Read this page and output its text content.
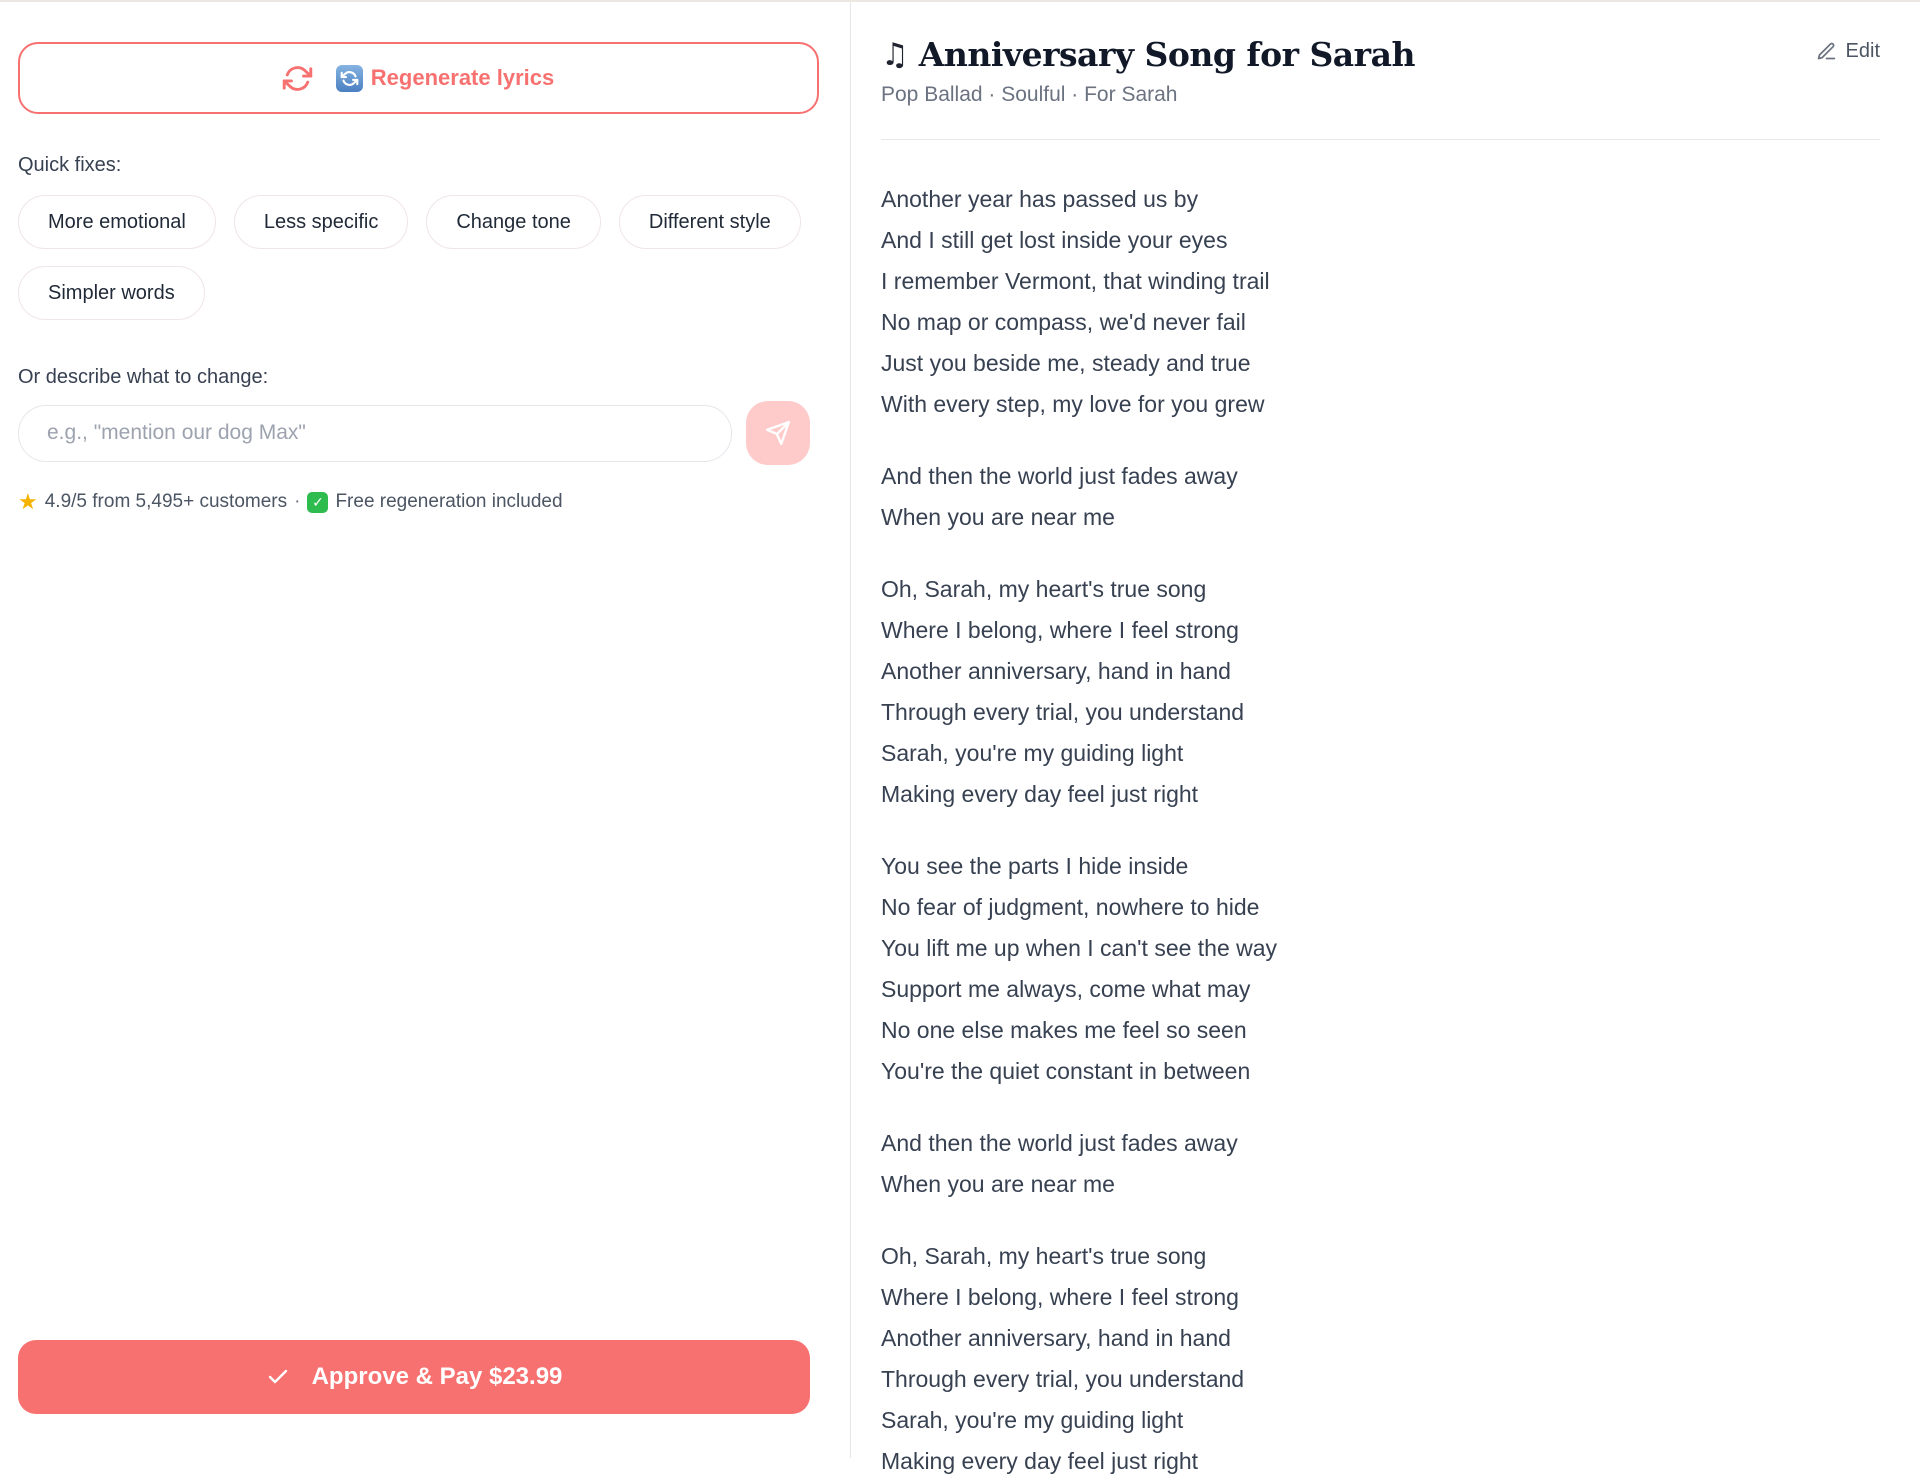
Regenerate lyrics
Quick fixes:
More emotional	Less specific	Change tone	Different style
Simpler words
Or describe what to change:
e.g., "mention our dog Max"
★ 4.9/5 from 5,495+ customers · ✓ Free regeneration included
Approve & Pay $23.99
♫ Anniversary Song for Sarah
Pop Ballad · Soulful · For Sarah
Edit
Another year has passed us by
And I still get lost inside your eyes
I remember Vermont, that winding trail
No map or compass, we'd never fail
Just you beside me, steady and true
With every step, my love for you grew
And then the world just fades away
When you are near me
Oh, Sarah, my heart's true song
Where I belong, where I feel strong
Another anniversary, hand in hand
Through every trial, you understand
Sarah, you're my guiding light
Making every day feel just right
You see the parts I hide inside
No fear of judgment, nowhere to hide
You lift me up when I can't see the way
Support me always, come what may
No one else makes me feel so seen
You're the quiet constant in between
And then the world just fades away
When you are near me
Oh, Sarah, my heart's true song
Where I belong, where I feel strong
Another anniversary, hand in hand
Through every trial, you understand
Sarah, you're my guiding light
Making every day feel just right
